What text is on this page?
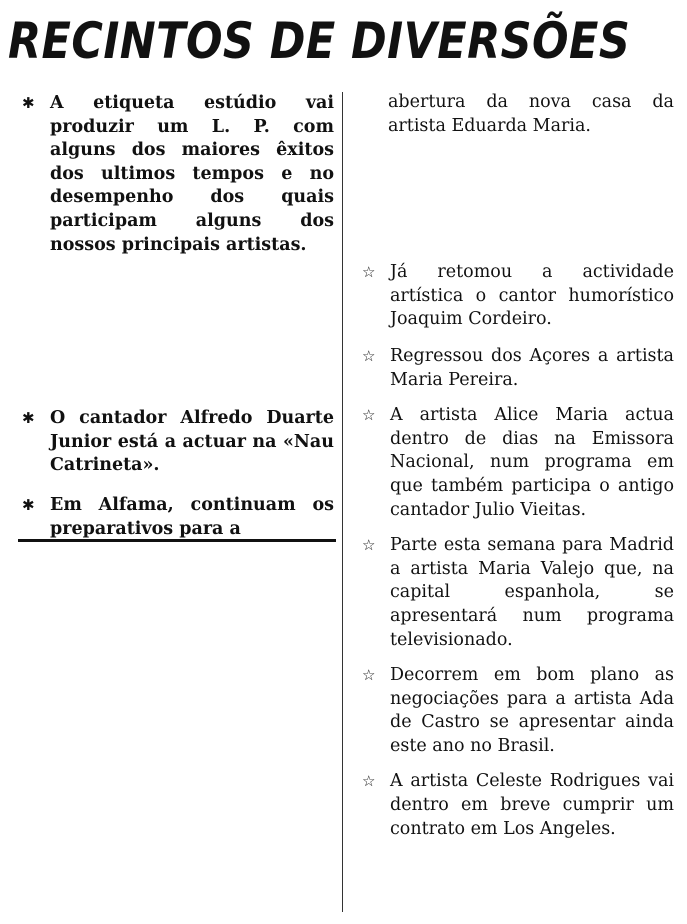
RECINTOS DE DIVERSÕES
✱ A etiqueta estúdio vai produzir um L. P. com alguns dos maiores êxitos dos ultimos tempos e no desempenho dos quais participam alguns dos nossos principais artistas.
✱ O cantador Alfredo Duarte Junior está a actuar na «Nau Catrineta».
✱ Em Alfama, continuam os preparativos para a
abertura da nova casa da artista Eduarda Maria.
☆ Já retomou a actividade artística o cantor humorístico Joaquim Cordeiro.
☆ Regressou dos Açores a artista Maria Pereira.
☆ A artista Alice Maria actua dentro de dias na Emissora Nacional, num programa em que também participa o antigo cantador Julio Vieitas.
☆ Parte esta semana para Madrid a artista Maria Valejo que, na capital espanhola, se apresentará num programa televisionado.
☆ Decorrem em bom plano as negociações para a artista Ada de Castro se apresentar ainda este ano no Brasil.
☆ A artista Celeste Rodrigues vai dentro em breve cumprir um contrato em Los Angeles.
